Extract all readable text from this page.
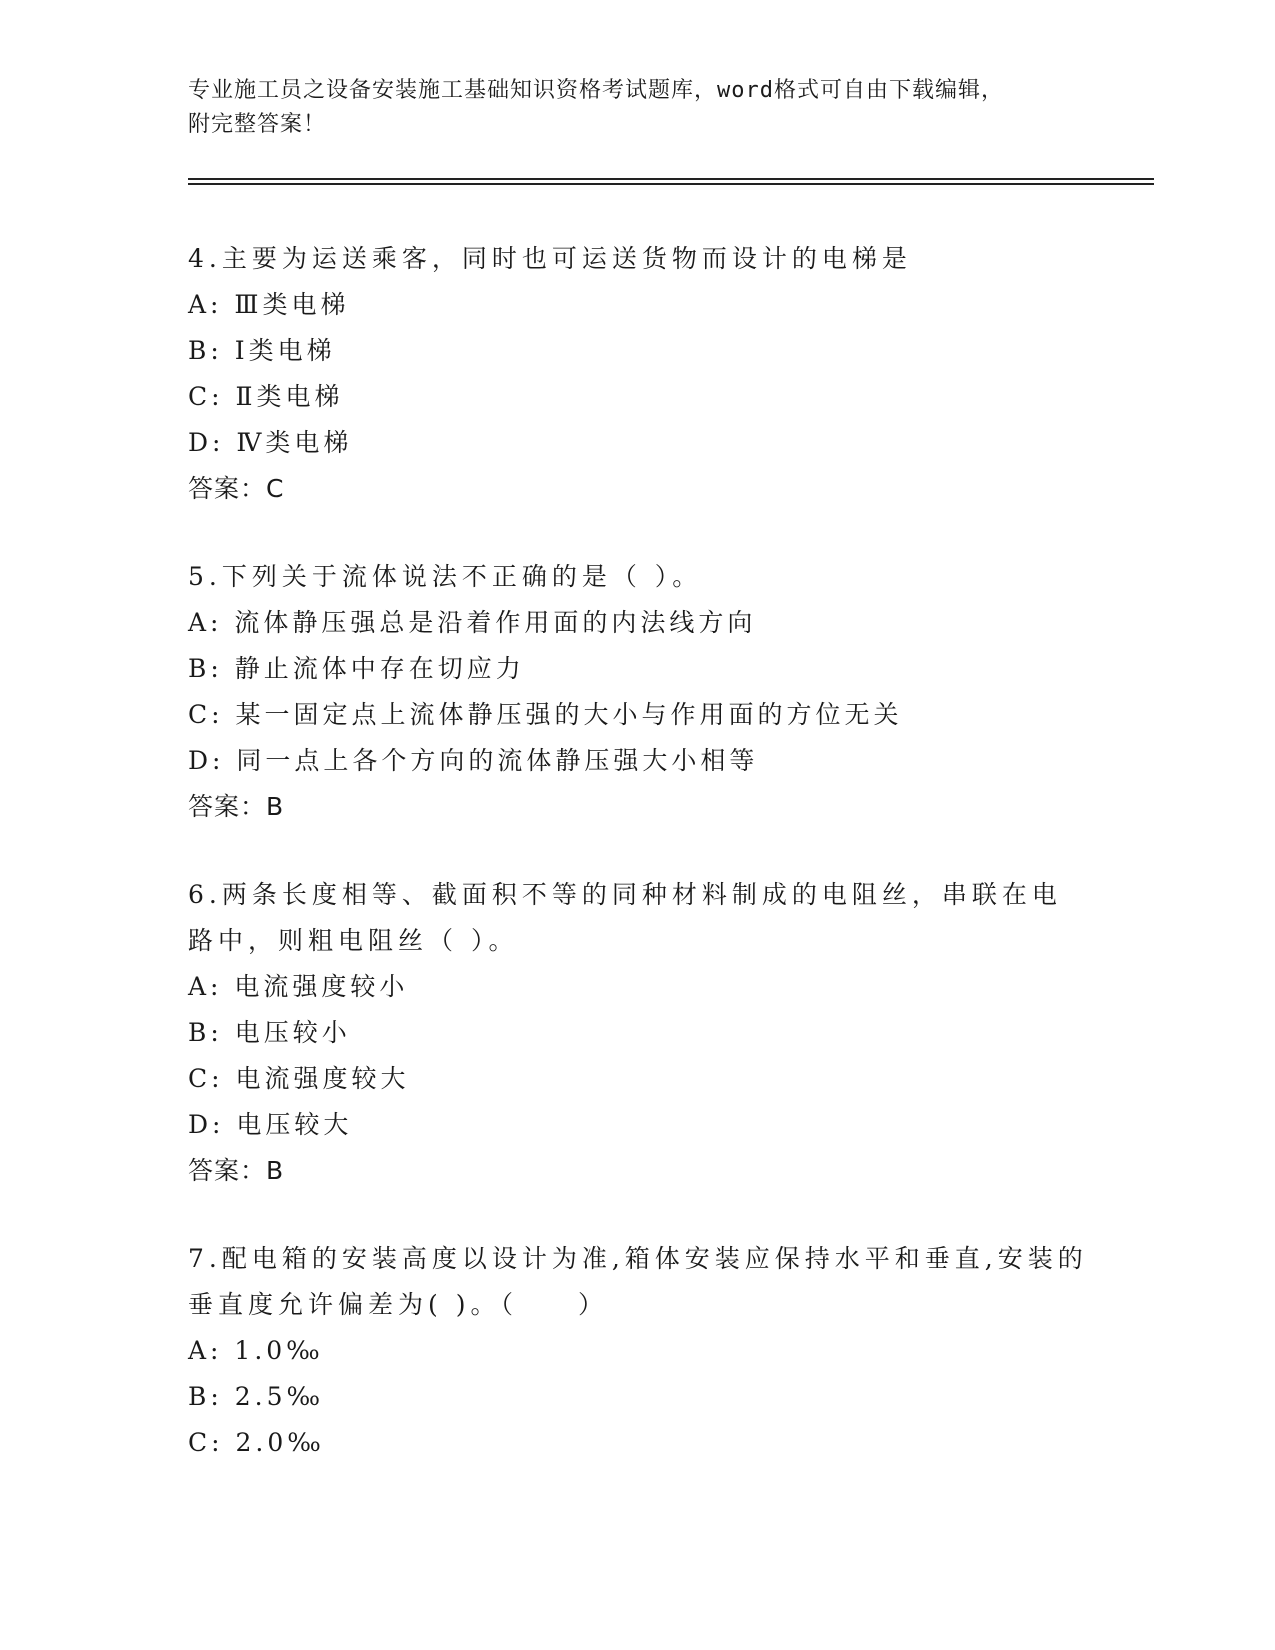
专业施工员之设备安装施工基础知识资格考试题库，word格式可自由下载编辑，
附完整答案！

4.主要为运送乘客，同时也可运送货物而设计的电梯是

A: Ⅲ类电梯

B: Ⅰ类电梯

C: Ⅱ类电梯

D: Ⅳ类电梯

答案：C

5.下列关于流体说法不正确的是（ ）。

A: 流体静压强总是沿着作用面的内法线方向

B: 静止流体中存在切应力

C: 某一固定点上流体静压强的大小与作用面的方位无关

D: 同一点上各个方向的流体静压强大小相等

答案：B

6.两条长度相等、截面积不等的同种材料制成的电阻丝，串联在电路中，则粗电阻丝（ ）。

A: 电流强度较小

B: 电压较小

C: 电流强度较大

D: 电压较大

答案：B

7.配电箱的安装高度以设计为准,箱体安装应保持水平和垂直,安装的垂直度允许偏差为( )。（　　）

A: 1.0‰

B: 2.5‰

C: 2.0‰
